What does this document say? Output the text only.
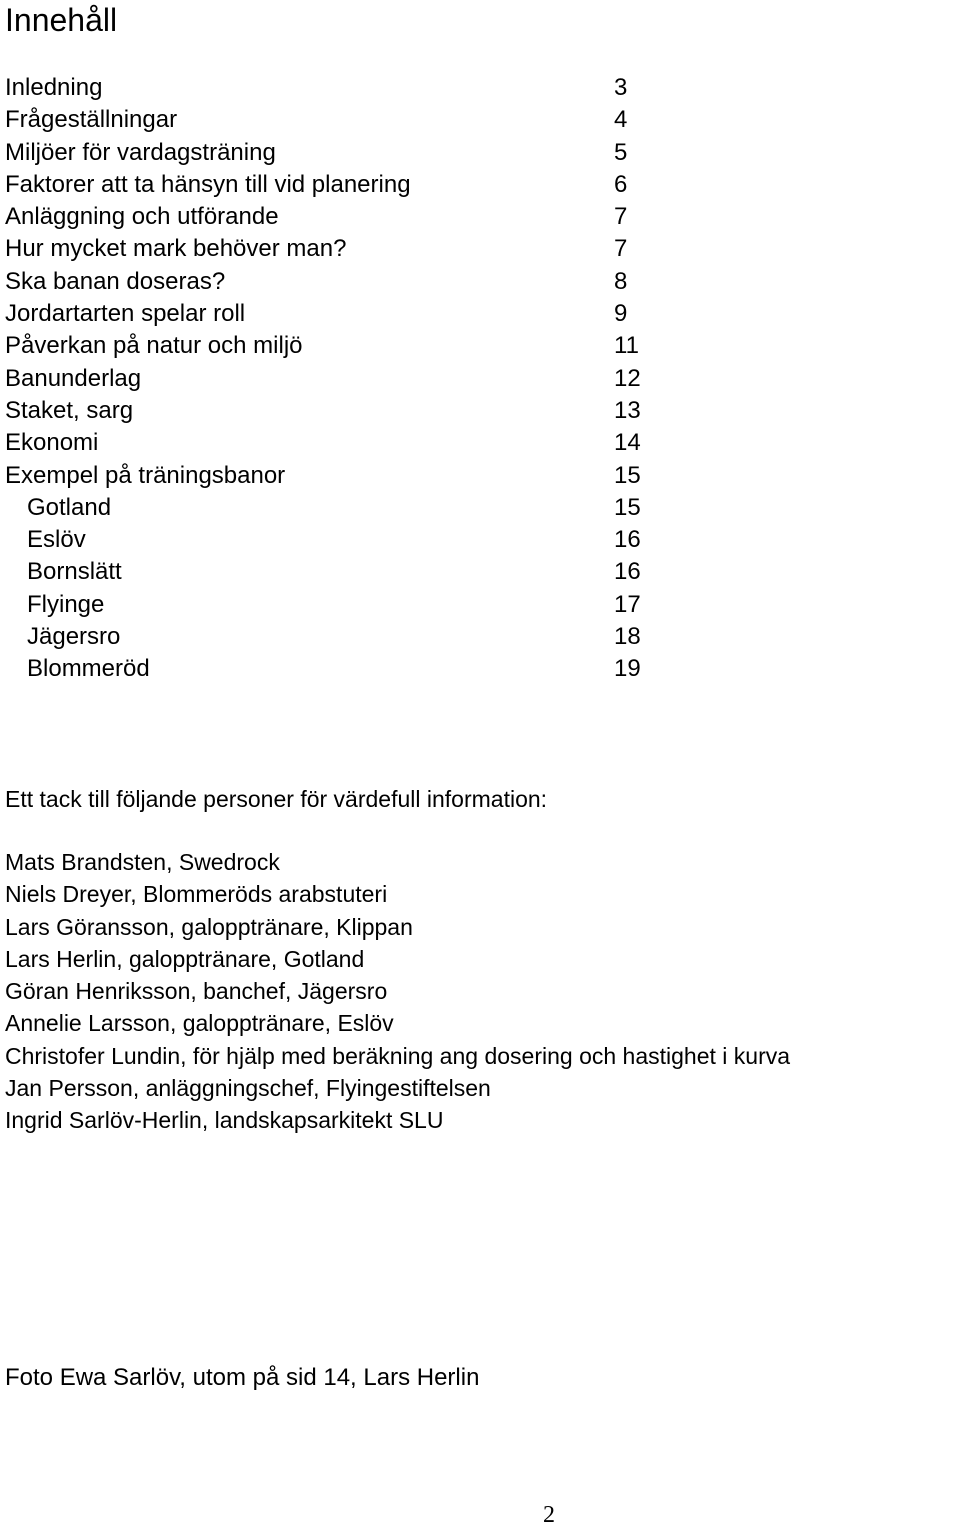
Innehåll
Inledning	3
Frågeställningar	4
Miljöer för vardagsträning	5
Faktorer att ta hänsyn till vid planering	6
Anläggning och utförande	7
Hur mycket mark behöver man?	7
Ska banan doseras?	8
Jordartarten spelar roll	9
Påverkan på natur och miljö	11
Banunderlag	12
Staket, sarg	13
Ekonomi	14
Exempel på träningsbanor	15
Gotland	15
Eslöv	16
Bornslätt	16
Flyinge	17
Jägersro	18
Blommeröd	19
Ett tack till följande personer för värdefull information:
Mats Brandsten, Swedrock
Niels Dreyer, Blommeröds arabstuteri
Lars Göransson, galopptränare, Klippan
Lars Herlin, galopptränare, Gotland
Göran Henriksson, banchef, Jägersro
Annelie Larsson, galopptränare, Eslöv
Christofer Lundin, för hjälp med beräkning ang dosering och hastighet i kurva
Jan Persson, anläggningschef, Flyingestiftelsen
Ingrid Sarlöv-Herlin, landskapsarkitekt SLU
Foto Ewa Sarlöv, utom på sid 14, Lars Herlin
2
